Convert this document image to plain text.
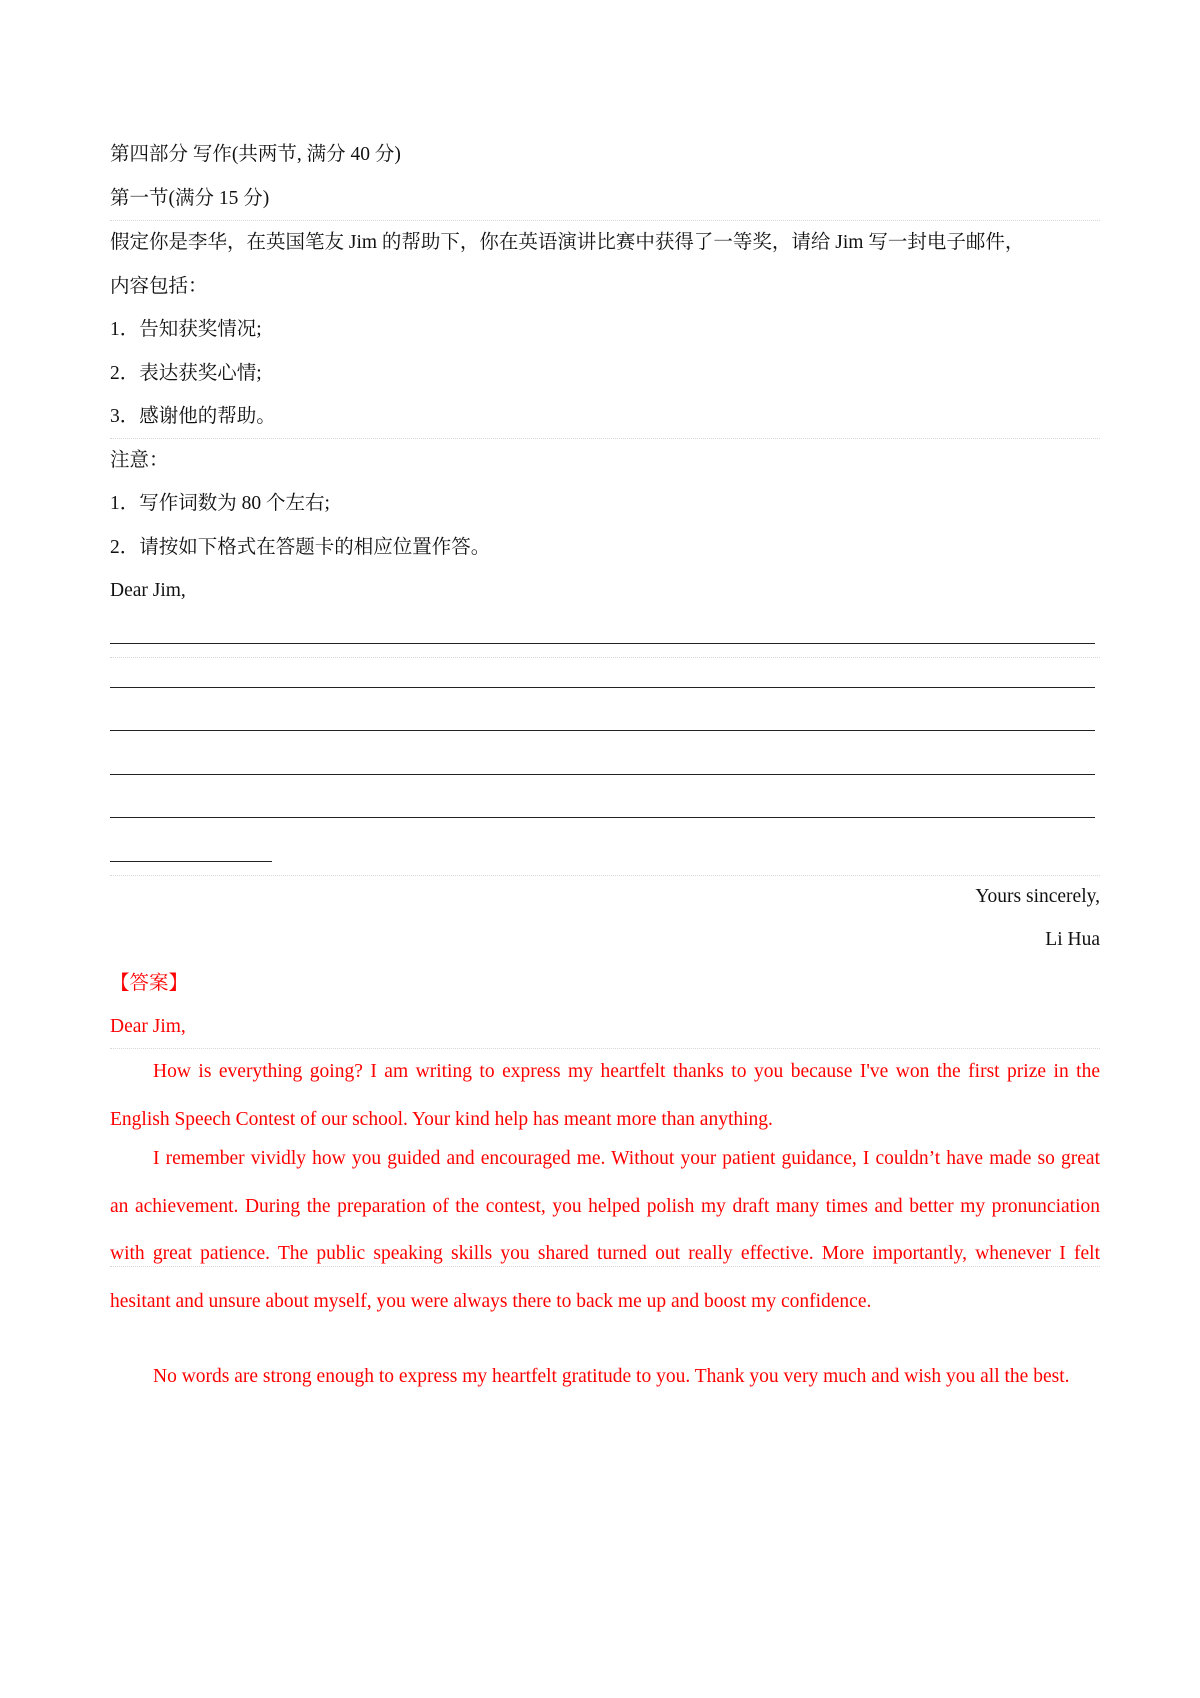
第四部分 写作(共两节, 满分 40 分)
第一节(满分 15 分)
假定你是李华，在英国笔友 Jim 的帮助下，你在英语演讲比赛中获得了一等奖，请给 Jim 写一封电子邮件，
内容包括：
1．告知获奖情况;
2．表达获奖心情;
3．感谢他的帮助。
注意：
1．写作词数为 80 个左右;
2．请按如下格式在答题卡的相应位置作答。
Dear Jim,
Yours sincerely,
Li Hua
【答案】
Dear Jim,
How is everything going? I am writing to express my heartfelt thanks to you because I've won the first prize in the English Speech Contest of our school. Your kind help has meant more than anything.
I remember vividly how you guided and encouraged me. Without your patient guidance, I couldn’t have made so great an achievement. During the preparation of the contest, you helped polish my draft many times and better my pronunciation with great patience. The public speaking skills you shared turned out really effective. More importantly, whenever I felt hesitant and unsure about myself, you were always there to back me up and boost my confidence.
No words are strong enough to express my heartfelt gratitude to you. Thank you very much and wish you all the best.
